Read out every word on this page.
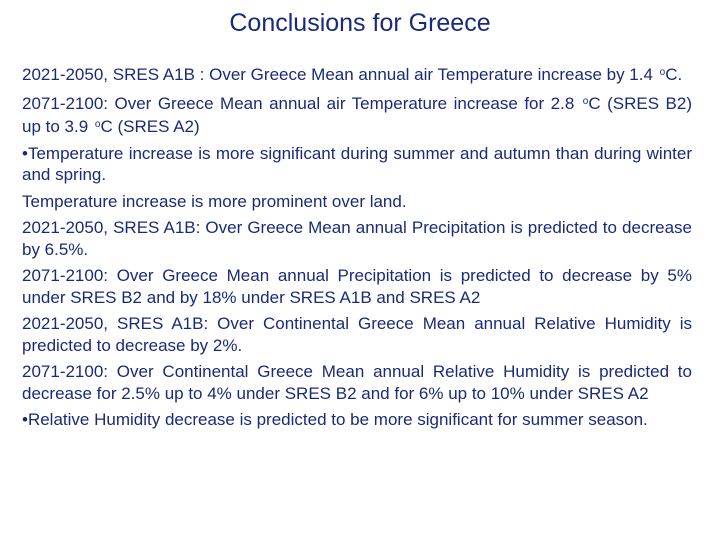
Conclusions for Greece

2021-2050, SRES A1B : Over Greece Mean annual air Temperature increase by 1.4 $^o$C.

2071-2100: Over Greece Mean annual air Temperature increase for 2.8 $^o$C (SRES B2) up to 3.9 $^o$C (SRES A2)

•Temperature increase is more significant during summer and autumn than during winter and spring.

Temperature increase is more prominent over land.

2021-2050, SRES A1B: Over Greece Mean annual Precipitation is predicted to decrease by 6.5%.

2071-2100: Over Greece Mean annual Precipitation is predicted to decrease by 5% under SRES B2 and by 18% under SRES A1B and SRES A2

2021-2050, SRES A1B: Over Continental Greece Mean annual Relative Humidity is predicted to decrease by 2%.

2071-2100: Over Continental Greece Mean annual Relative Humidity is predicted to decrease for 2.5% up to 4% under SRES B2 and for 6% up to 10% under SRES A2

•Relative Humidity decrease is predicted to be more significant for summer season.
